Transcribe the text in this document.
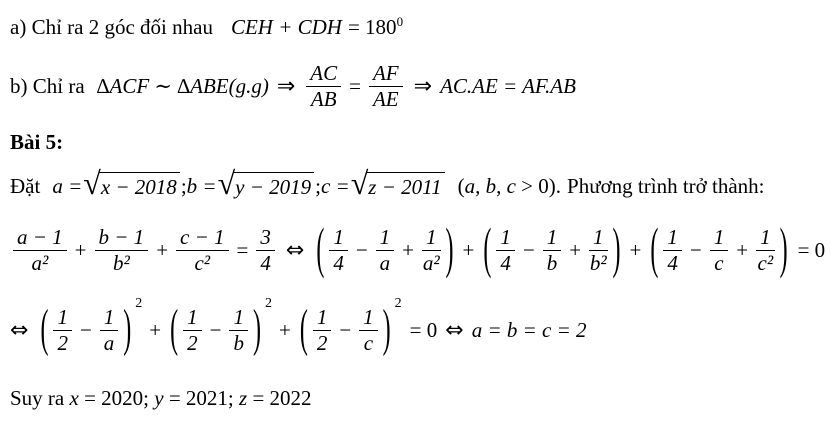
a) Chỉ ra 2 góc đối nhau CEH + CDH = $180^0$
b) Chỉ ra ∆ACF ∼ ∆ABE (g.g) ⇒ $\frac{AC}{AB} = \frac{AF}{AE}$ ⇒ AC.AE = AF.AB
Bài 5:
Đặt a = √ x − 2018 ; b = √ y − 2019 ; c = √ z − 2011 ( a, b, c > 0). Phương trình trở thành:
$\frac{a - 1}{\text{a²}} + \frac{b - 1}{\text{b²}} + \frac{c - 1}{\text{c²}} = \frac{3}{4}$ ⇔ ( $\frac{1}{4} - \frac{1}{a} + \frac{1}{\text{a²}}$ ) + ( $\frac{1}{4} - \frac{1}{b} + \frac{1}{\text{b²}}$ ) + ( $\frac{1}{4} - \frac{1}{c} + \frac{1}{\text{c²}}$ ) = 0
⇔ ( $\frac{1}{2} - \frac{1}{a}$ ) 2
+ ( $\frac{1}{2} - \frac{1}{b}$ ) 2
+ ( $\frac{1}{2} - \frac{1}{c}$ ) 2
= 0 ⇔ a = b = c = 2
Suy ra x = 2020; y = 2021; z = 2022
